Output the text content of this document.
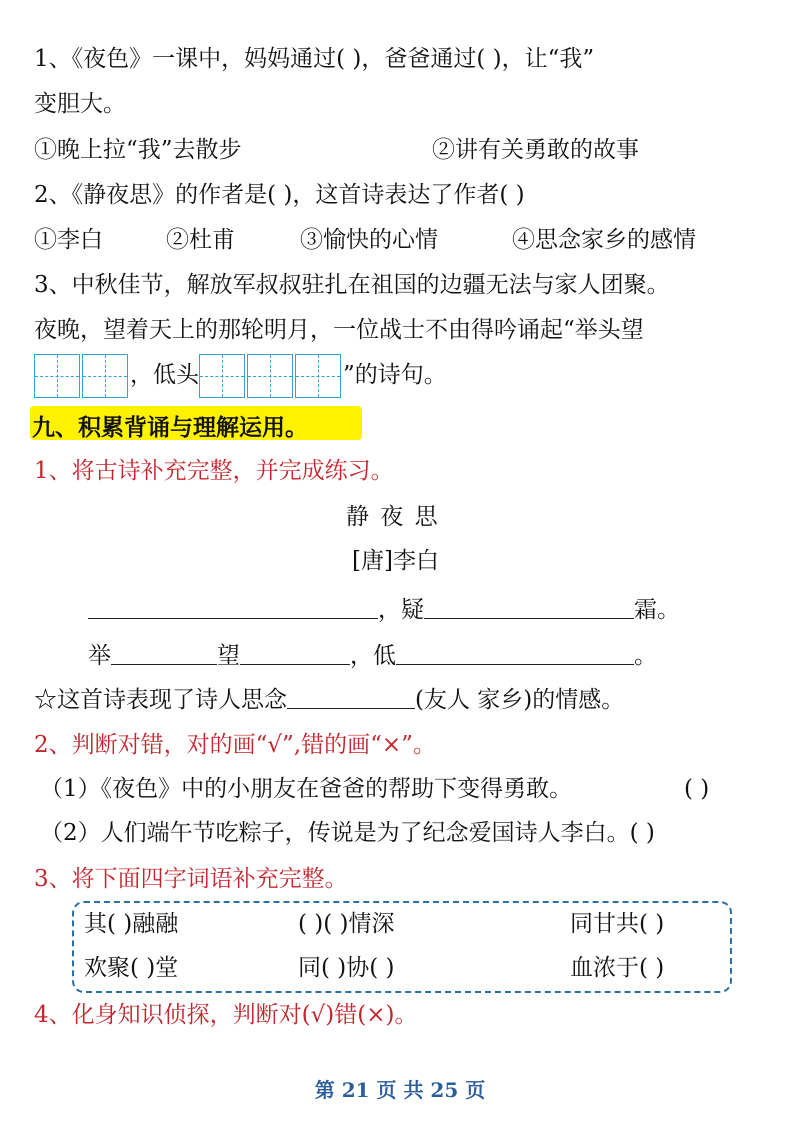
1、《夜色》一课中，妈妈通过( )，爸爸通过( )，让“我”
变胆大。
①晚上拉“我”去散步	②讲有关勇敢的故事
2、《静夜思》的作者是( )，这首诗表达了作者( )
①李白	②杜甫	③愉快的心情	④思念家乡的感情
3、中秋佳节，解放军叔叔驻扎在祖国的边疆无法与家人团聚。
夜晚，望着天上的那轮明月，一位战士不由得吟诵起“举头望
，低头	”的诗句。
九、积累背诵与理解运用。
1、将古诗补充完整，并完成练习。
静 夜 思
[唐]李白
，疑	霜。
举	望	，低	。
☆这首诗表现了诗人思念	(友人 家乡)的情感。
2、判断对错，对的画“√”,错的画“×”。
（1）《夜色》中的小朋友在爸爸的帮助下变得勇敢。	( )
（2）人们端午节吃粽子，传说是为了纪念爱国诗人李白。( )
3、将下面四字词语补充完整。
其( )融融	( )( )情深	同甘共( )
欢聚( )堂	同( )协( )	血浓于( )
4、化身知识侦探，判断对(√)错(×)。
第 21 页 共 25 页
